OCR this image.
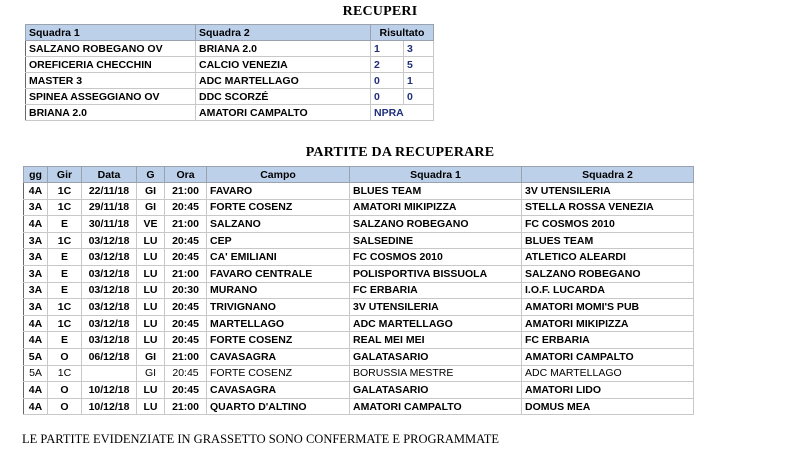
RECUPERI
Squadra 1	Squadra 2	Risultato	
SALZANO ROBEGANO OV	BRIANA 2.0	1	3
OREFICERIA CHECCHIN	CALCIO VENEZIA	2	5
MASTER 3	ADC MARTELLAGO	0	1
SPINEA ASSEGGIANO OV	DDC SCORZÉ	0	0
BRIANA 2.0	AMATORI CAMPALTO	NPRA	
PARTITE DA RECUPERARE
gg	Gir	Data	G	Ora	Campo	Squadra 1	Squadra 2
4A	1C	22/11/18	GI	21:00	FAVARO	BLUES TEAM	3V UTENSILERIA
3A	1C	29/11/18	GI	20:45	FORTE COSENZ	AMATORI MIKIPIZZA	STELLA ROSSA VENEZIA
4A	E	30/11/18	VE	21:00	SALZANO	SALZANO ROBEGANO	FC COSMOS 2010
3A	1C	03/12/18	LU	20:45	CEP	SALSEDINE	BLUES TEAM
3A	E	03/12/18	LU	20:45	CA' EMILIANI	FC COSMOS 2010	ATLETICO ALEARDI
3A	E	03/12/18	LU	21:00	FAVARO CENTRALE	POLISPORTIVA BISSUOLA	SALZANO ROBEGANO
3A	E	03/12/18	LU	20:30	MURANO	FC ERBARIA	I.O.F. LUCARDA
3A	1C	03/12/18	LU	20:45	TRIVIGNANO	3V UTENSILERIA	AMATORI MOMI'S PUB
4A	1C	03/12/18	LU	20:45	MARTELLAGO	ADC MARTELLAGO	AMATORI MIKIPIZZA
4A	E	03/12/18	LU	20:45	FORTE COSENZ	REAL MEI MEI	FC ERBARIA
5A	O	06/12/18	GI	21:00	CAVASAGRA	GALATASARIO	AMATORI CAMPALTO
5A	1C		GI	20:45	FORTE COSENZ	BORUSSIA MESTRE	ADC MARTELLAGO
4A	O	10/12/18	LU	20:45	CAVASAGRA	GALATASARIO	AMATORI LIDO
4A	O	10/12/18	LU	21:00	QUARTO D'ALTINO	AMATORI CAMPALTO	DOMUS MEA
LE PARTITE EVIDENZIATE IN GRASSETTO SONO CONFERMATE E PROGRAMMATE
